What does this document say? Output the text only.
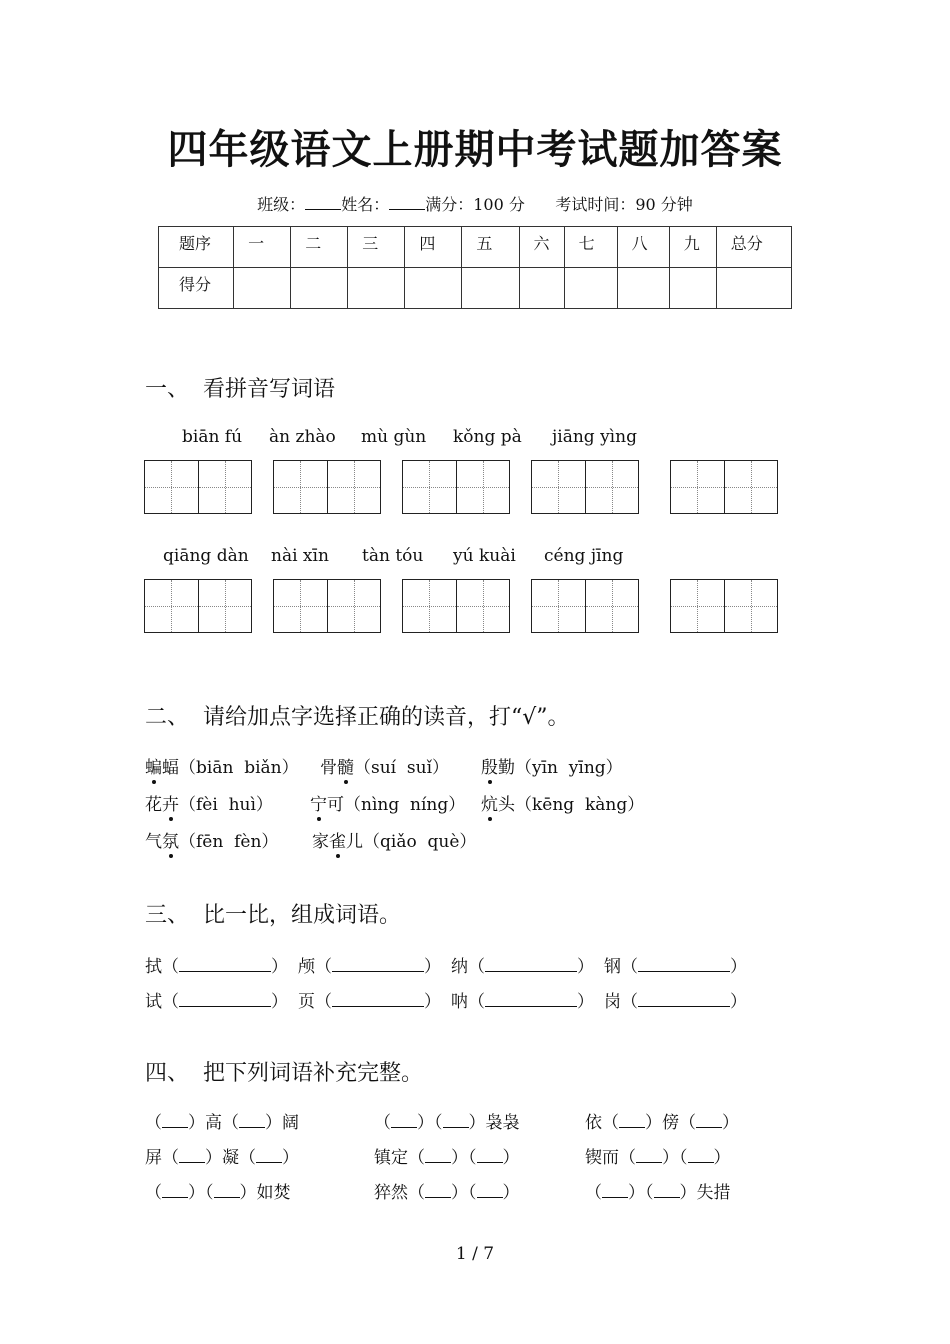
四年级语文上册期中考试题加答案
班级： 姓名： 满分：100 分 考试时间：90 分钟
题序	一	二	三	四	五	六	七	八	九	总分
得分										
一、  看拼音写词语
biān fú àn zhào mù gùn kǒng pà jiāng yìng
qiāng dàn nài xīn tàn tóu yú kuài céng jīng
二、  请给加点字选择正确的读音，打“√”。
蝙蝠（biān  biǎn） 骨髓（suí  suǐ） 殷勤（yīn  yīng）
花卉（fèi  huì） 宁可（nìng  níng） 炕头（kēng  kàng）
气氛（fēn  fèn） 家雀儿（qiǎo  què）
三、  比一比，组成词语。
拭（	） 颅（	） 纳（	） 钢（	）
试（	） 页（	） 呐（	） 岗（	）
四、  把下列词语补充完整。
（ ）高（ ）阔	（ ）（ ）袅袅	依（ ）傍（ ）
屏（ ）凝（ ）	镇定（ ）（ ）	锲而（ ）（ ）
（ ）（ ）如焚	猝然（ ）（ ）	（ ）（ ）失措
1 / 7
